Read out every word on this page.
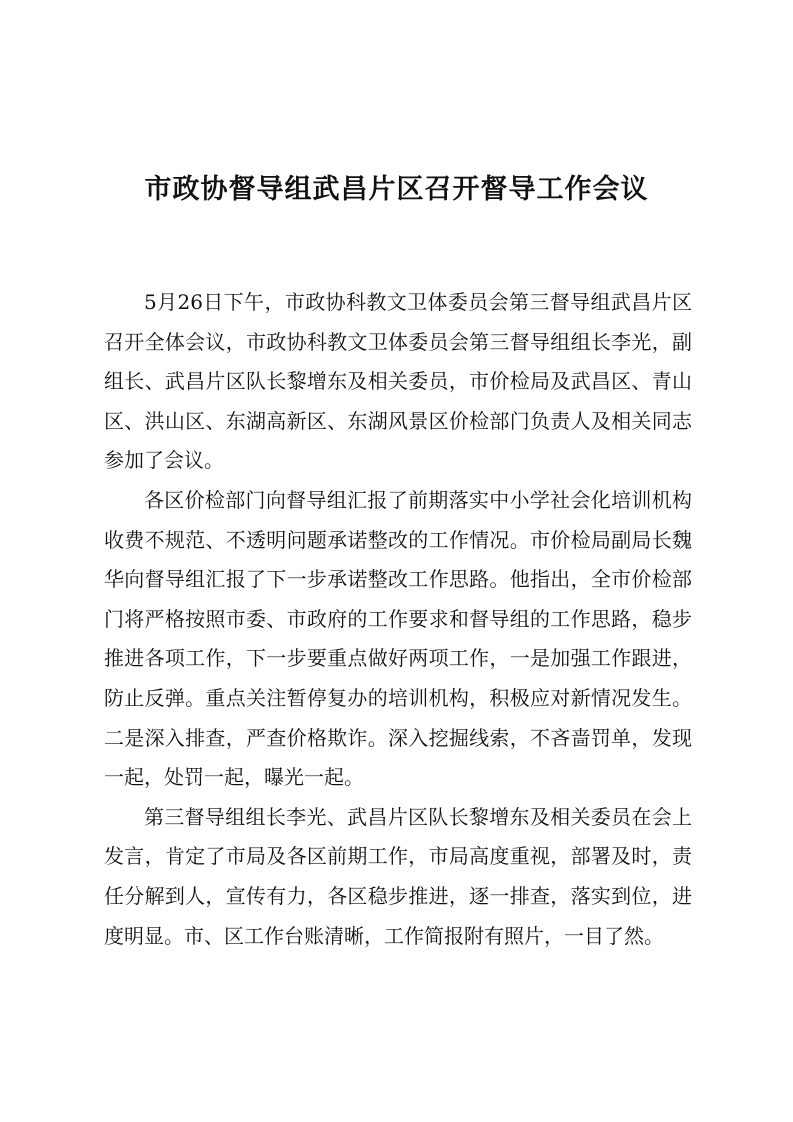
市政协督导组武昌片区召开督导工作会议

5月26日下午，市政协科教文卫体委员会第三督导组武昌片区召开全体会议，市政协科教文卫体委员会第三督导组组长李光，副组长、武昌片区队长黎增东及相关委员，市价检局及武昌区、青山区、洪山区、东湖高新区、东湖风景区价检部门负责人及相关同志参加了会议。

各区价检部门向督导组汇报了前期落实中小学社会化培训机构收费不规范、不透明问题承诺整改的工作情况。市价检局副局长魏华向督导组汇报了下一步承诺整改工作思路。他指出，全市价检部门将严格按照市委、市政府的工作要求和督导组的工作思路，稳步推进各项工作，下一步要重点做好两项工作，一是加强工作跟进，防止反弹。重点关注暂停复办的培训机构，积极应对新情况发生。二是深入排查，严查价格欺诈。深入挖掘线索，不吝啬罚单，发现一起，处罚一起，曝光一起。

第三督导组组长李光、武昌片区队长黎增东及相关委员在会上发言，肯定了市局及各区前期工作，市局高度重视，部署及时，责任分解到人，宣传有力，各区稳步推进，逐一排查，落实到位，进度明显。市、区工作台账清晰，工作简报附有照片，一目了然。
